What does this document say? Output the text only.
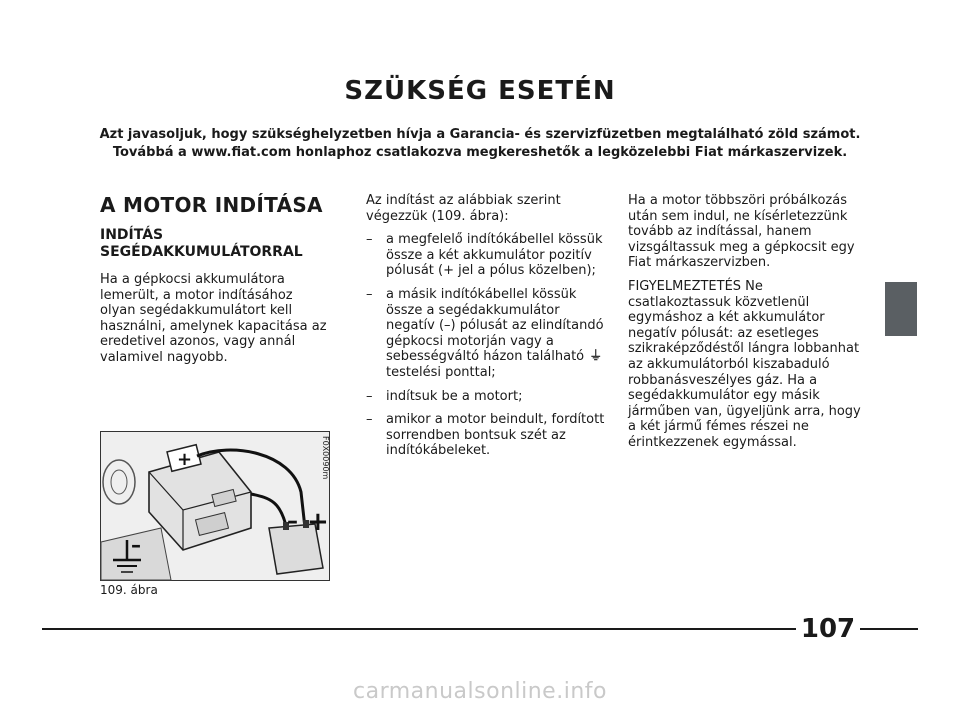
SZÜKSÉG ESETÉN
Azt javasoljuk, hogy szükséghelyzetben hívja a Garancia- és szervizfüzetben megtalálható zöld számot.
Továbbá a www.fiat.com honlaphoz csatlakozva megkereshetők a legközelebbi Fiat márkaszervizek.
A MOTOR INDÍTÁSA
INDÍTÁS SEGÉDAKKUMULÁTORRAL
Ha a gépkocsi akkumulátora lemerült, a motor indításához olyan segédakkumulátort kell használni, amelynek kapacitása az eredetivel azonos, vagy annál valamivel nagyobb.
+
– +
–
F0X0090m
109. ábra

Az indítást az alábbiak szerint végezzük (109. ábra):

– a megfelelő indítókábellel kössük össze a két akkumulátor pozitív pólusát (+ jel a pólus közelben);
– a másik indítókábellel kössük össze a segédakkumulátor negatív (–) pólusát az elindítandó gépkocsi motorján vagy a sebességváltó házon található ⏚ testelési ponttal;
– indítsuk be a motort;
– amikor a motor beindult, fordított sorrendben bontsuk szét az indítókábeleket.

Ha a motor többszöri próbálkozás után sem indul, ne kísérletezzünk tovább az indítással, hanem vizsgáltassuk meg a gépkocsit egy Fiat márkaszervizben.

FIGYELMEZTETÉS Ne csatlakoztassuk közvetlenül egymáshoz a két akkumulátor negatív pólusát: az esetleges szikraképződéstől lángra lobbanhat az akkumulátorból kiszabaduló robbanásveszélyes gáz. Ha a segédakkumulátor egy másik járműben van, ügyeljünk arra, hogy a két jármű fémes részei ne érintkezzenek egymással.

107
carmanualsonline.info
